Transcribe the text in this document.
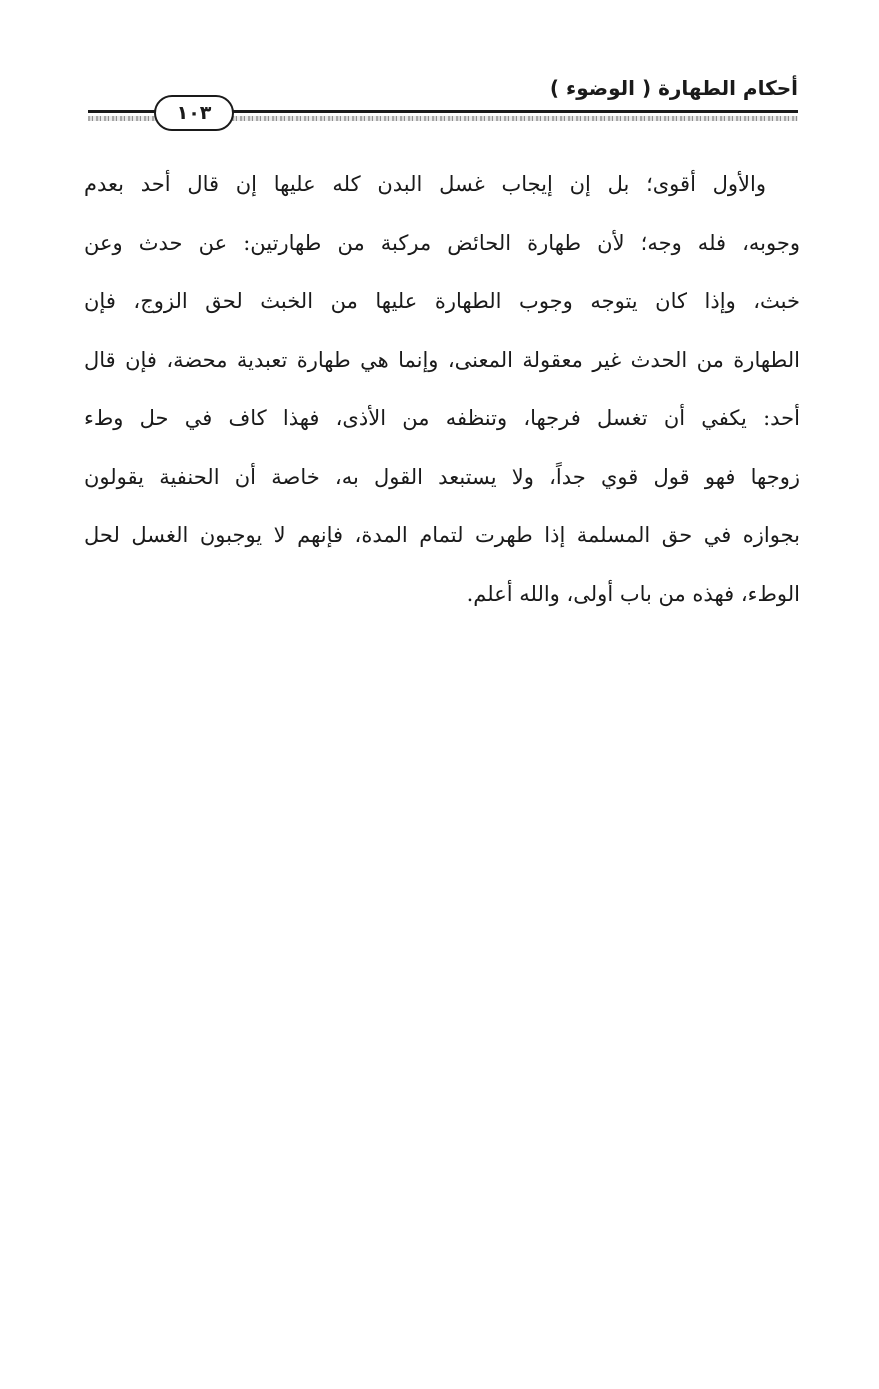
أحكام الطهارة ( الوضوء )
١٠٣
والأول أقوى؛ بل إن إيجاب غسل البدن كله عليها إن قال أحد بعدم
وجوبه، فله وجه؛ لأن طهارة الحائض مركبة من طهارتين: عن حدث وعن
خبث، وإذا كان يتوجه وجوب الطهارة عليها من الخبث لحق الزوج، فإن
الطهارة من الحدث غير معقولة المعنى، وإنما هي طهارة تعبدية محضة، فإن قال
أحد: يكفي أن تغسل فرجها، وتنظفه من الأذى، فهذا كاف في حل وطء
زوجها فهو قول قوي جداً، ولا يستبعد القول به، خاصة أن الحنفية يقولون
بجوازه في حق المسلمة إذا طهرت لتمام المدة، فإنهم لا يوجبون الغسل لحل
الوطء، فهذه من باب أولى، والله أعلم.
